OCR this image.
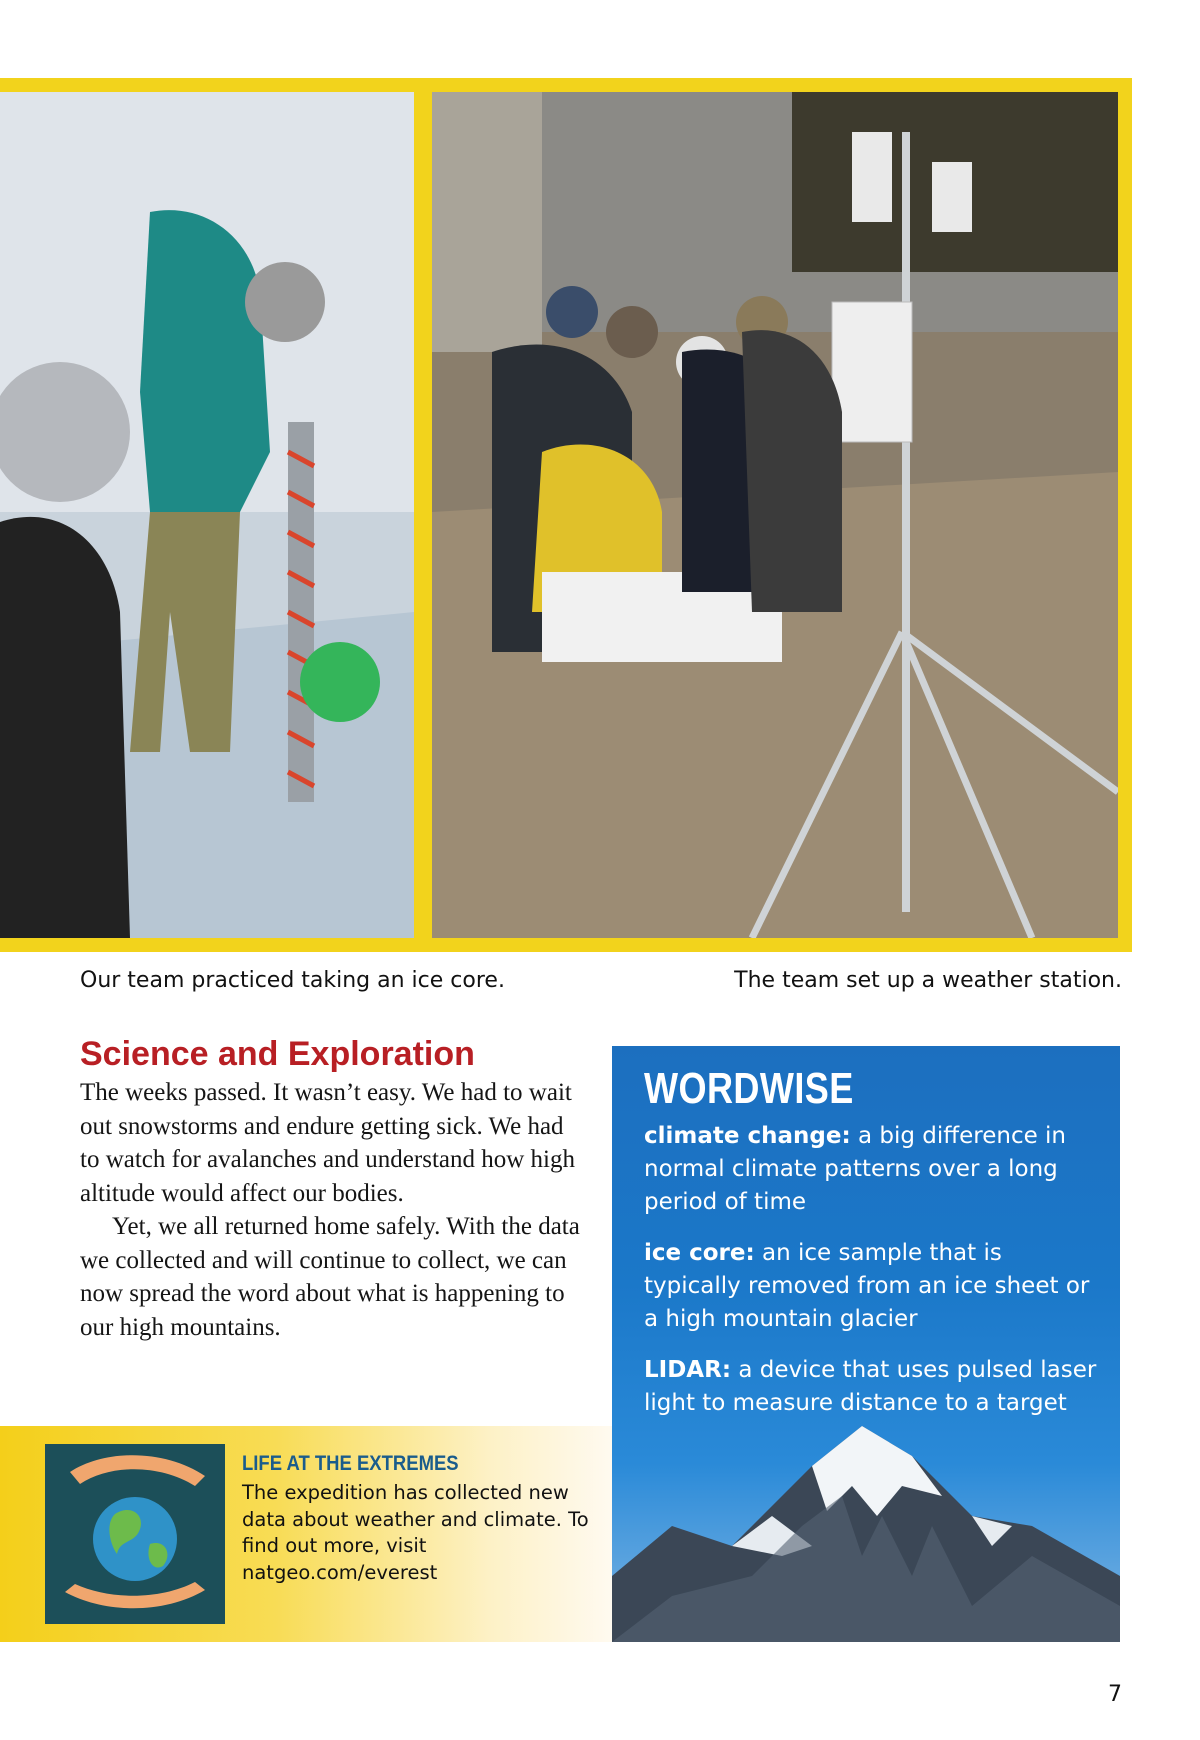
Our team practiced taking an ice core.	The team set up a weather station.
Science and Exploration

The weeks passed. It wasn’t easy. We had to wait out snowstorms and endure getting sick. We had to watch for avalanches and understand how high altitude would affect our bodies.

Yet, we all returned home safely. With the data we collected and will continue to collect, we can now spread the word about what is happening to our high mountains.

WORDWISE
climate change: a big difference in normal climate patterns over a long period of time
ice core: an ice sample that is typically removed from an ice sheet or a high mountain glacier
LIDAR: a device that uses pulsed laser light to measure distance to a target
LIFE AT THE EXTREMES
The expedition has collected new data about weather and climate. To find out more, visit natgeo.com/everest
7
